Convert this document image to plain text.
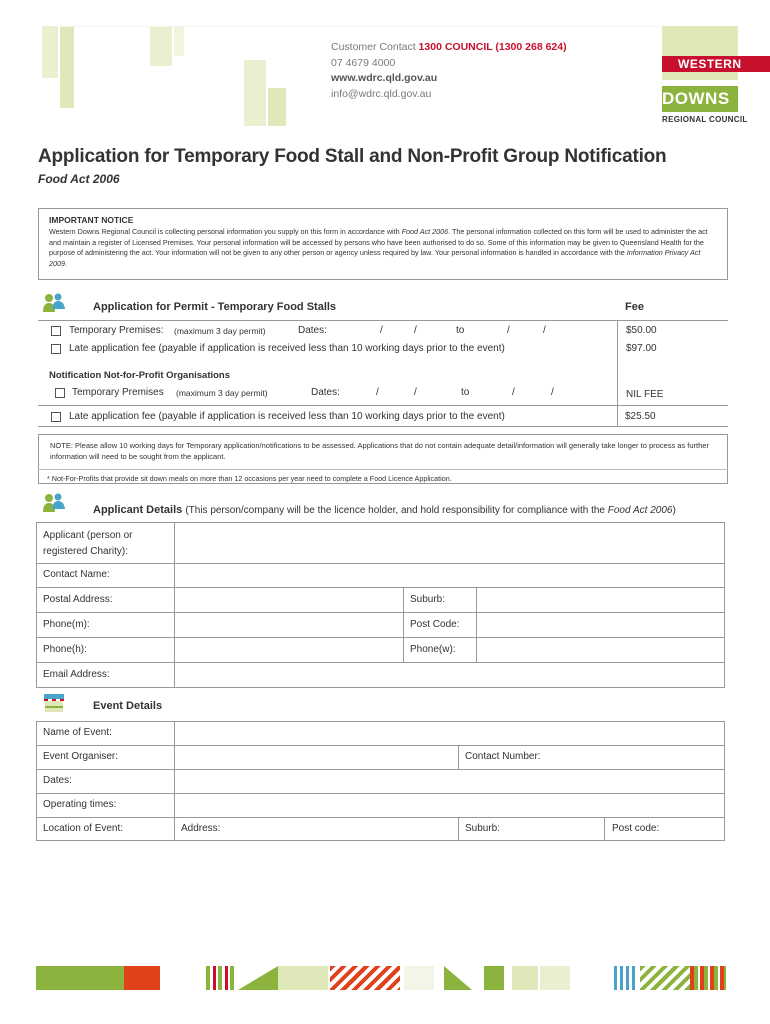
Customer Contact 1300 COUNCIL (1300 268 624)
07 4679 4000
www.wdrc.qld.gov.au
info@wdrc.qld.gov.au
WESTERN
DOWNS
REGIONAL COUNCIL
Application for Temporary Food Stall and Non-Profit Group Notification
Food Act 2006
IMPORTANT NOTICE

Western Downs Regional Council is collecting personal information you supply on this form in accordance with Food Act 2006. The personal information collected on this form will be used to administer the act and maintain a register of Licensed Premises. Your personal information will be accessed by persons who have been authorised to do so. Some of this information may be given to Queensland Health for the purpose of administering the act. Your information will not be given to any other person or agency unless required by law. Your personal information is handled in accordance with the Information Privacy Act 2009.

Application for Permit - Temporary Food Stalls	Fee
Temporary Premises: (maximum 3 day permit)	Dates:	/	/	to	/	/	$50.00
Late application fee (payable if application is received less than 10 working days prior to the event)	$97.00
Notification Not-for-Profit Organisations
Temporary Premises (maximum 3 day permit)	Dates:	/	/	to	/	/	NIL FEE
Late application fee (payable if application is received less than 10 working days prior to the event)	$25.50
NOTE: Please allow 10 working days for Temporary application/notifications to be assessed. Applications that do not contain adequate detail/information will generally take longer to process as further information will need to be sought from the applicant.
* Not-For-Profits that provide sit down meals on more than 12 occasions per year need to complete a Food Licence Application.
Applicant Details (This person/company will be the licence holder, and hold responsibility for compliance with the Food Act 2006)
Applicant (person or registered Charity):
Contact Name:
Postal Address:	Suburb:
Phone(m):	Post Code:
Phone(h):	Phone(w):
Email Address:
Event Details
Name of Event:
Event Organiser:	Contact Number:
Dates:
Operating times:
Location of Event:	Address:	Suburb:	Post code:
